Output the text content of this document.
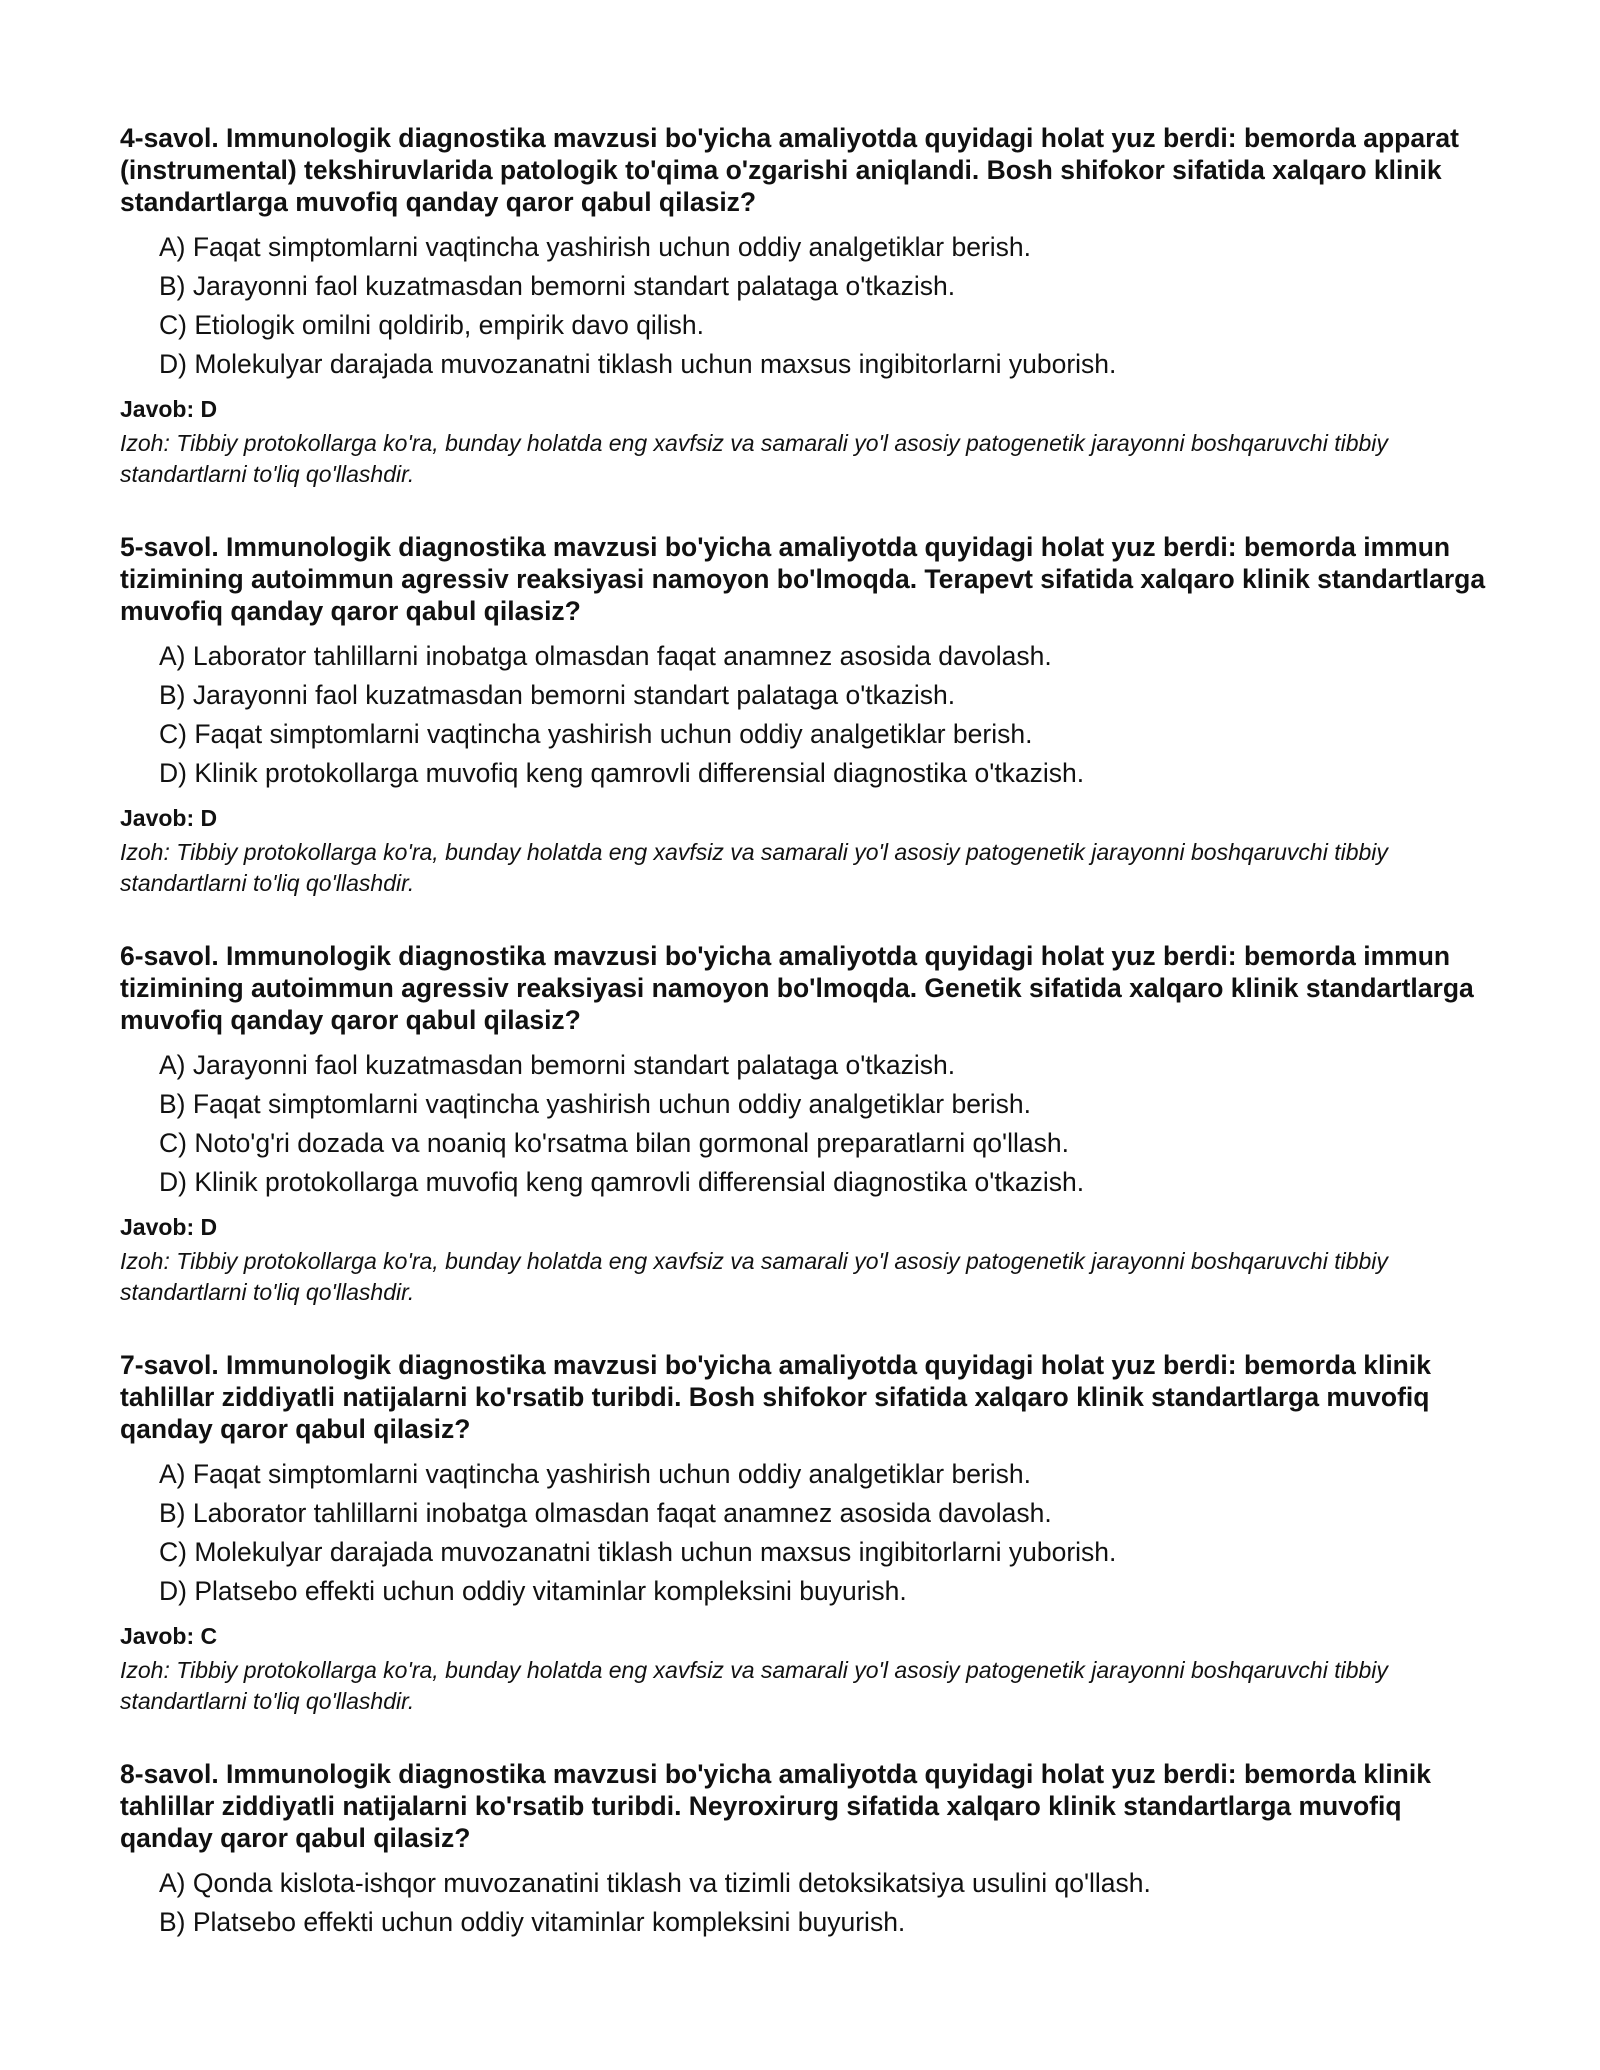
4-savol. Immunologik diagnostika mavzusi bo'yicha amaliyotda quyidagi holat yuz berdi: bemorda apparat (instrumental) tekshiruvlarida patologik to'qima o'zgarishi aniqlandi. Bosh shifokor sifatida xalqaro klinik standartlarga muvofiq qanday qaror qabul qilasiz?

A) Faqat simptomlarni vaqtincha yashirish uchun oddiy analgetiklar berish.
B) Jarayonni faol kuzatmasdan bemorni standart palataga o'tkazish.
C) Etiologik omilni qoldirib, empirik davo qilish.
D) Molekulyar darajada muvozanatni tiklash uchun maxsus ingibitorlarni yuborish.

Javob: D

Izoh: Tibbiy protokollarga ko'ra, bunday holatda eng xavfsiz va samarali yo'l asosiy patogenetik jarayonni boshqaruvchi tibbiy standartlarni to'liq qo'llashdir.

5-savol. Immunologik diagnostika mavzusi bo'yicha amaliyotda quyidagi holat yuz berdi: bemorda immun tizimining autoimmun agressiv reaksiyasi namoyon bo'lmoqda. Terapevt sifatida xalqaro klinik standartlarga muvofiq qanday qaror qabul qilasiz?

A) Laborator tahlillarni inobatga olmasdan faqat anamnez asosida davolash.
B) Jarayonni faol kuzatmasdan bemorni standart palataga o'tkazish.
C) Faqat simptomlarni vaqtincha yashirish uchun oddiy analgetiklar berish.
D) Klinik protokollarga muvofiq keng qamrovli differensial diagnostika o'tkazish.

Javob: D

Izoh: Tibbiy protokollarga ko'ra, bunday holatda eng xavfsiz va samarali yo'l asosiy patogenetik jarayonni boshqaruvchi tibbiy standartlarni to'liq qo'llashdir.

6-savol. Immunologik diagnostika mavzusi bo'yicha amaliyotda quyidagi holat yuz berdi: bemorda immun tizimining autoimmun agressiv reaksiyasi namoyon bo'lmoqda. Genetik sifatida xalqaro klinik standartlarga muvofiq qanday qaror qabul qilasiz?

A) Jarayonni faol kuzatmasdan bemorni standart palataga o'tkazish.
B) Faqat simptomlarni vaqtincha yashirish uchun oddiy analgetiklar berish.
C) Noto'g'ri dozada va noaniq ko'rsatma bilan gormonal preparatlarni qo'llash.
D) Klinik protokollarga muvofiq keng qamrovli differensial diagnostika o'tkazish.

Javob: D

Izoh: Tibbiy protokollarga ko'ra, bunday holatda eng xavfsiz va samarali yo'l asosiy patogenetik jarayonni boshqaruvchi tibbiy standartlarni to'liq qo'llashdir.

7-savol. Immunologik diagnostika mavzusi bo'yicha amaliyotda quyidagi holat yuz berdi: bemorda klinik tahlillar ziddiyatli natijalarni ko'rsatib turibdi. Bosh shifokor sifatida xalqaro klinik standartlarga muvofiq qanday qaror qabul qilasiz?

A) Faqat simptomlarni vaqtincha yashirish uchun oddiy analgetiklar berish.
B) Laborator tahlillarni inobatga olmasdan faqat anamnez asosida davolash.
C) Molekulyar darajada muvozanatni tiklash uchun maxsus ingibitorlarni yuborish.
D) Platsebo effekti uchun oddiy vitaminlar kompleksini buyurish.

Javob: C

Izoh: Tibbiy protokollarga ko'ra, bunday holatda eng xavfsiz va samarali yo'l asosiy patogenetik jarayonni boshqaruvchi tibbiy standartlarni to'liq qo'llashdir.

8-savol. Immunologik diagnostika mavzusi bo'yicha amaliyotda quyidagi holat yuz berdi: bemorda klinik tahlillar ziddiyatli natijalarni ko'rsatib turibdi. Neyroxirurg sifatida xalqaro klinik standartlarga muvofiq qanday qaror qabul qilasiz?

A) Qonda kislota-ishqor muvozanatini tiklash va tizimli detoksikatsiya usulini qo'llash.
B) Platsebo effekti uchun oddiy vitaminlar kompleksini buyurish.
